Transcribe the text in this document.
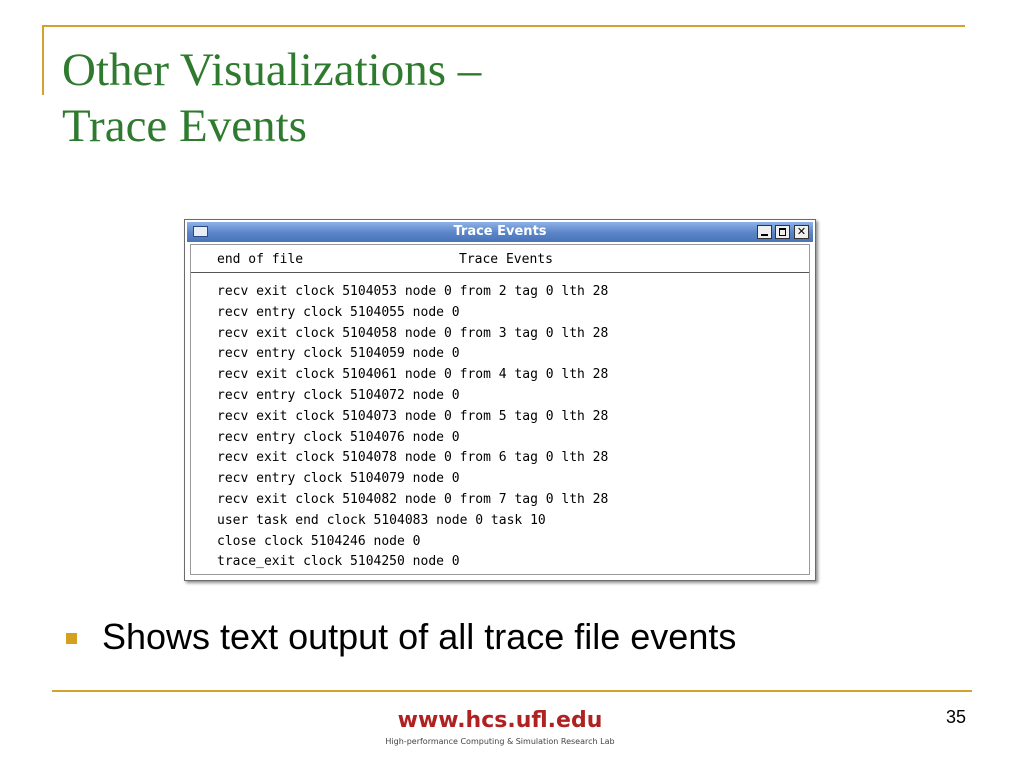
Other Visualizations –
Trace Events
Trace Events	✕
end of file	Trace Events
recv exit clock 5104053 node 0 from 2 tag 0 lth 28
recv entry clock 5104055 node 0
recv exit clock 5104058 node 0 from 3 tag 0 lth 28
recv entry clock 5104059 node 0
recv exit clock 5104061 node 0 from 4 tag 0 lth 28
recv entry clock 5104072 node 0
recv exit clock 5104073 node 0 from 5 tag 0 lth 28
recv entry clock 5104076 node 0
recv exit clock 5104078 node 0 from 6 tag 0 lth 28
recv entry clock 5104079 node 0
recv exit clock 5104082 node 0 from 7 tag 0 lth 28
user task end clock 5104083 node 0 task 10
close clock 5104246 node 0
trace_exit clock 5104250 node 0
Shows text output of all trace file events
www.hcs.ufl.edu
High-performance Computing & Simulation Research Lab
35
